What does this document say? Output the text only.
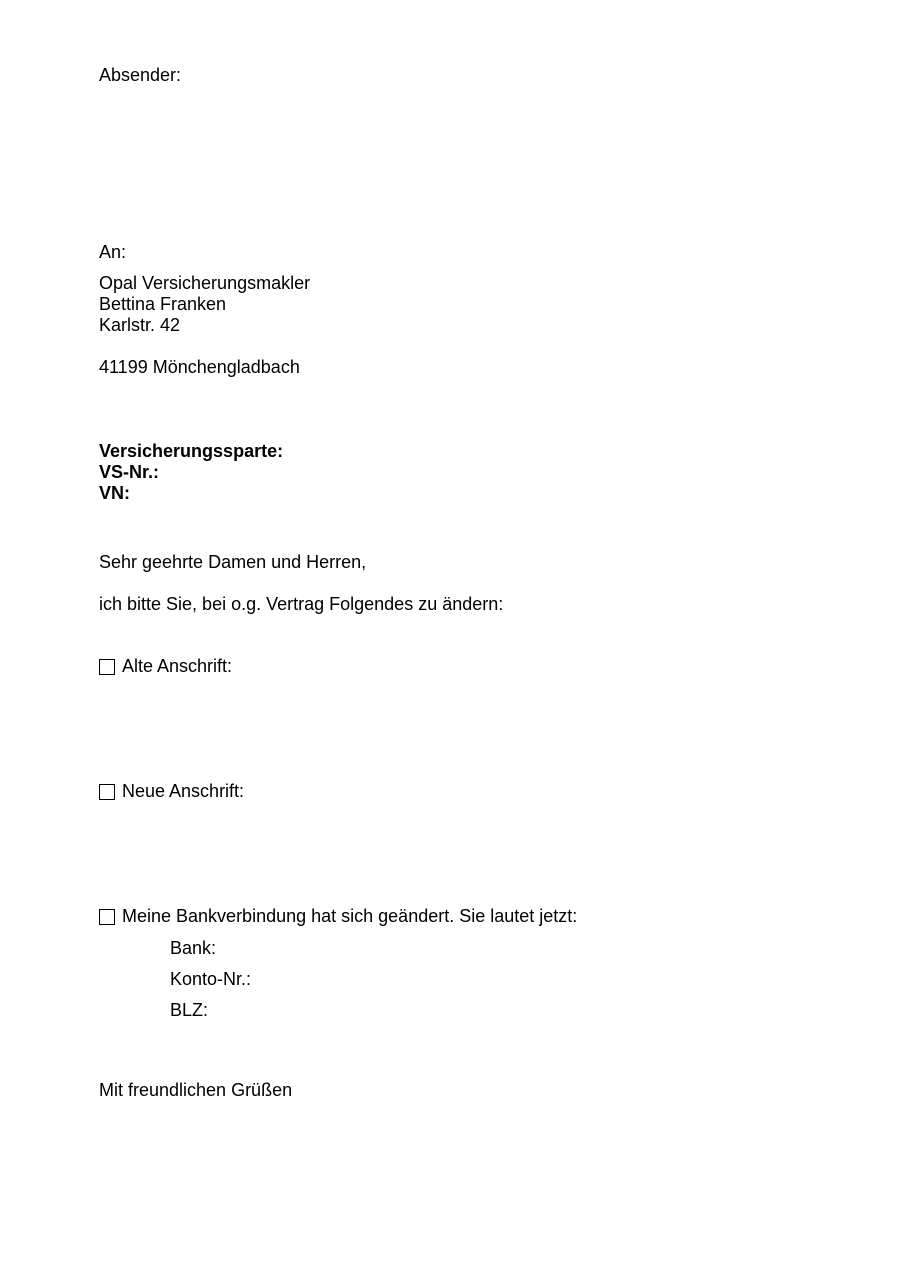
Absender:
An:
Opal Versicherungsmakler
Bettina Franken
Karlstr. 42
41199 Mönchengladbach
Versicherungssparte:
VS-Nr.:
VN:
Sehr geehrte Damen und Herren,
ich bitte Sie, bei o.g. Vertrag Folgendes zu ändern:
Alte Anschrift:
Neue Anschrift:
Meine Bankverbindung hat sich geändert. Sie lautet jetzt:
Bank:
Konto-Nr.:
BLZ:
Mit freundlichen Grüßen
